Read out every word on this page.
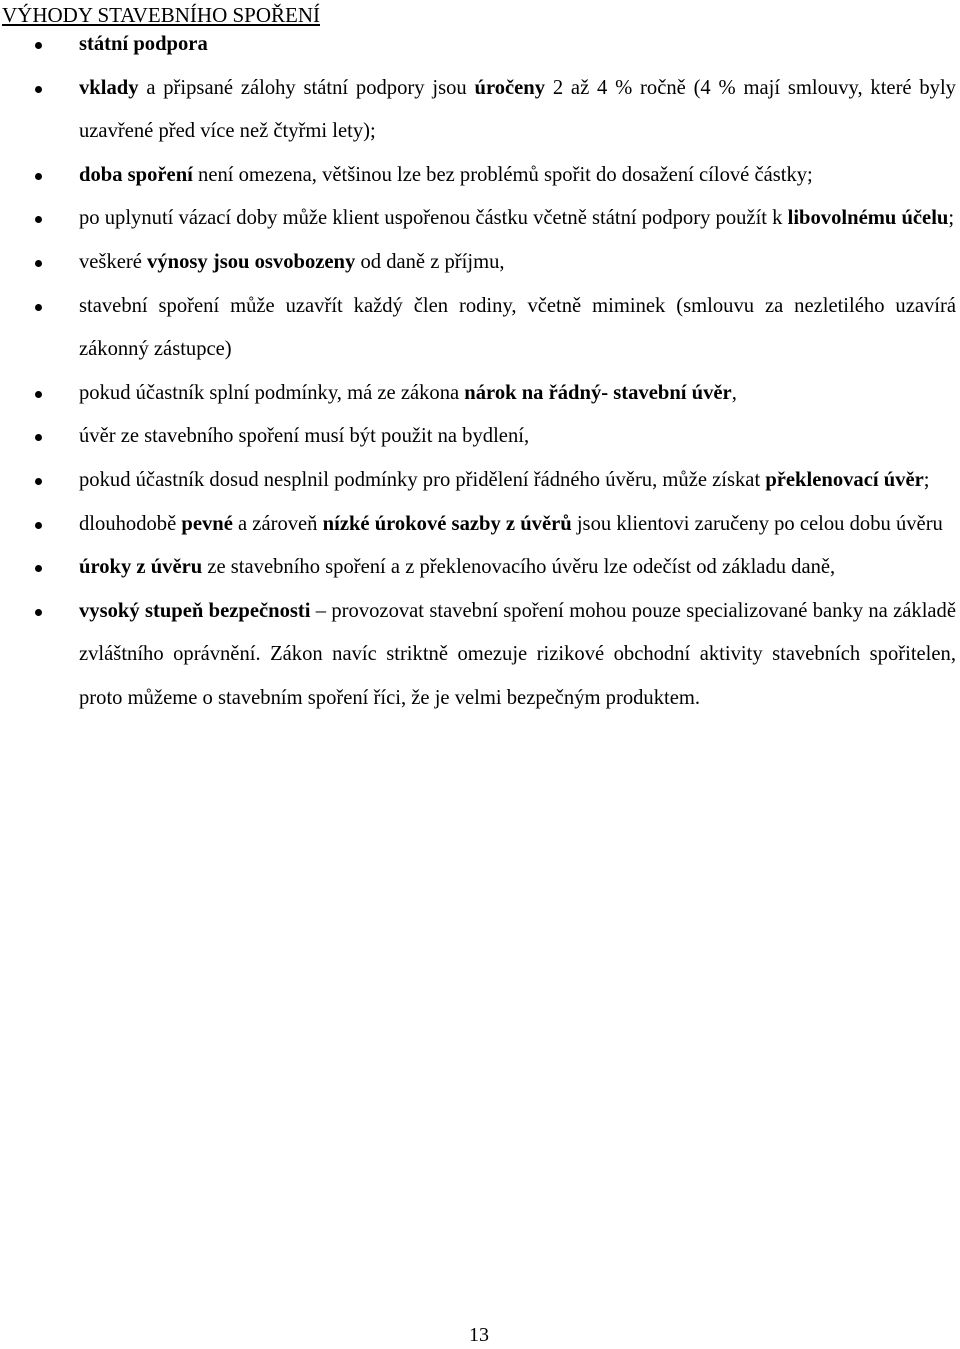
VÝHODY STAVEBNÍHO SPOŘENÍ
státní podpora
vklady a připsané zálohy státní podpory jsou úročeny 2 až 4 % ročně (4 % mají smlouvy, které byly uzavřené před více než čtyřmi lety);
doba spoření není omezena, většinou lze bez problémů spořit do dosažení cílové částky;
po uplynutí vázací doby může klient uspořenou částku včetně státní podpory použít k libovolnému účelu;
veškeré výnosy jsou osvobozeny od daně z příjmu,
stavební spoření může uzavřít každý člen rodiny, včetně miminek (smlouvu za nezletilého uzavírá zákonný zástupce)
pokud účastník splní podmínky, má ze zákona nárok na řádný- stavební úvěr,
úvěr ze stavebního spoření musí být použit na bydlení,
pokud účastník dosud nesplnil podmínky pro přidělení řádného úvěru, může získat překlenovací úvěr;
dlouhodobě pevné a zároveň nízké úrokové sazby z úvěrů jsou klientovi zaručeny po celou dobu úvěru
úroky z úvěru ze stavebního spoření a z překlenovacího úvěru lze odečíst od základu daně,
vysoký stupeň bezpečnosti – provozovat stavební spoření mohou pouze specializované banky na základě zvláštního oprávnění. Zákon navíc striktně omezuje rizikové obchodní aktivity stavebních spořitelen, proto můžeme o stavebním spoření říci, že je velmi bezpečným produktem.
13
